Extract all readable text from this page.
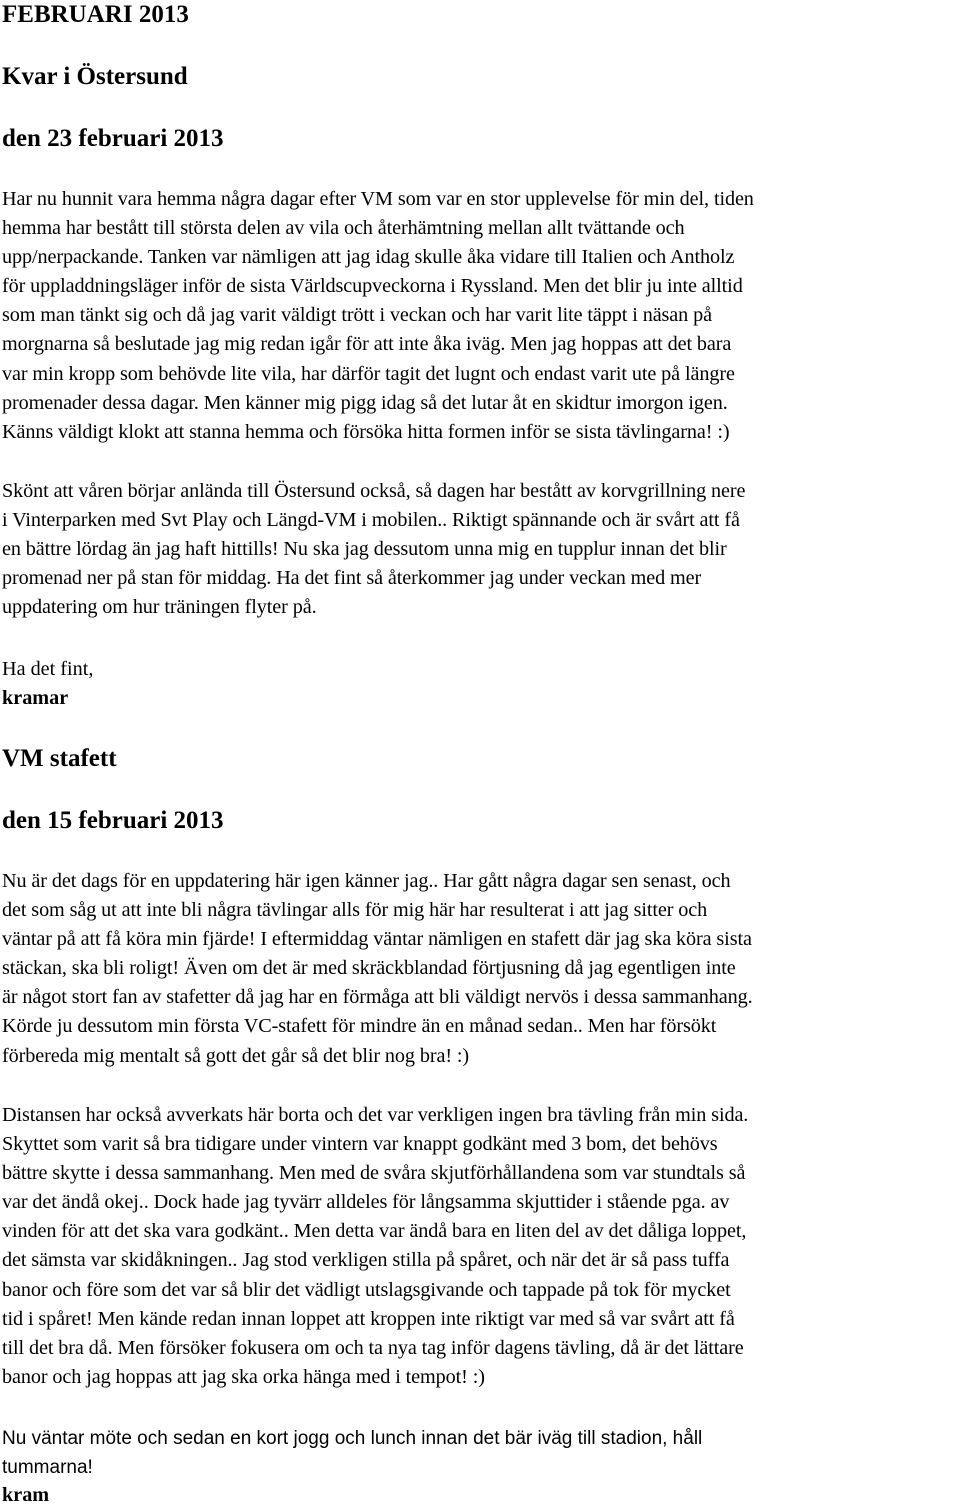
FEBRUARI 2013
Kvar i Östersund
den 23 februari 2013
Har nu hunnit vara hemma några dagar efter VM som var en stor upplevelse för min del, tiden
hemma har bestått till största delen av vila och återhämtning mellan allt tvättande och
upp/nerpackande. Tanken var nämligen att jag idag skulle åka vidare till Italien och Antholz
för uppladdningsläger inför de sista Världscupveckorna i Ryssland. Men det blir ju inte alltid
som man tänkt sig och då jag varit väldigt trött i veckan och har varit lite täppt i näsan på
morgnarna så beslutade jag mig redan igår för att inte åka iväg. Men jag hoppas att det bara
var min kropp som behövde lite vila, har därför tagit det lugnt och endast varit ute på längre
promenader dessa dagar. Men känner mig pigg idag så det lutar åt en skidtur imorgon igen.
Känns väldigt klokt att stanna hemma och försöka hitta formen inför se sista tävlingarna! :)
Skönt att våren börjar anlända till Östersund också, så dagen har bestått av korvgrillning nere
i Vinterparken med Svt Play och Längd-VM i mobilen.. Riktigt spännande och är svårt att få
en bättre lördag än jag haft hittills! Nu ska jag dessutom unna mig en tupplur innan det blir
promenad ner på stan för middag. Ha det fint så återkommer jag under veckan med mer
uppdatering om hur träningen flyter på.
Ha det fint,
kramar
VM stafett
den 15 februari 2013
Nu är det dags för en uppdatering här igen känner jag.. Har gått några dagar sen senast, och
det som såg ut att inte bli några tävlingar alls för mig här har resulterat i att jag sitter och
väntar på att få köra min fjärde! I eftermiddag väntar nämligen en stafett där jag ska köra sista
stäckan, ska bli roligt! Även om det är med skräckblandad förtjusning då jag egentligen inte
är något stort fan av stafetter då jag har en förmåga att bli väldigt nervös i dessa sammanhang.
Körde ju dessutom min första VC-stafett för mindre än en månad sedan.. Men har försökt
förbereda mig mentalt så gott det går så det blir nog bra! :)
Distansen har också avverkats här borta och det var verkligen ingen bra tävling från min sida.
Skyttet som varit så bra tidigare under vintern var knappt godkänt med 3 bom, det behövs
bättre skytte i dessa sammanhang. Men med de svåra skjutförhållandena som var stundtals så
var det ändå okej.. Dock hade jag tyvärr alldeles för långsamma skjuttider i stående pga. av
vinden för att det ska vara godkänt.. Men detta var ändå bara en liten del av det dåliga loppet,
det sämsta var skidåkningen.. Jag stod verkligen stilla på spåret, och när det är så pass tuffa
banor och före som det var så blir det vädligt utslagsgivande och tappade på tok för mycket
tid i spåret! Men kände redan innan loppet att kroppen inte riktigt var med så var svårt att få
till det bra då. Men försöker fokusera om och ta nya tag inför dagens tävling, då är det lättare
banor och jag hoppas att jag ska orka hänga med i tempot! :)
Nu väntar möte och sedan en kort jogg och lunch innan det bär iväg till stadion, håll
tummarna!
kram
